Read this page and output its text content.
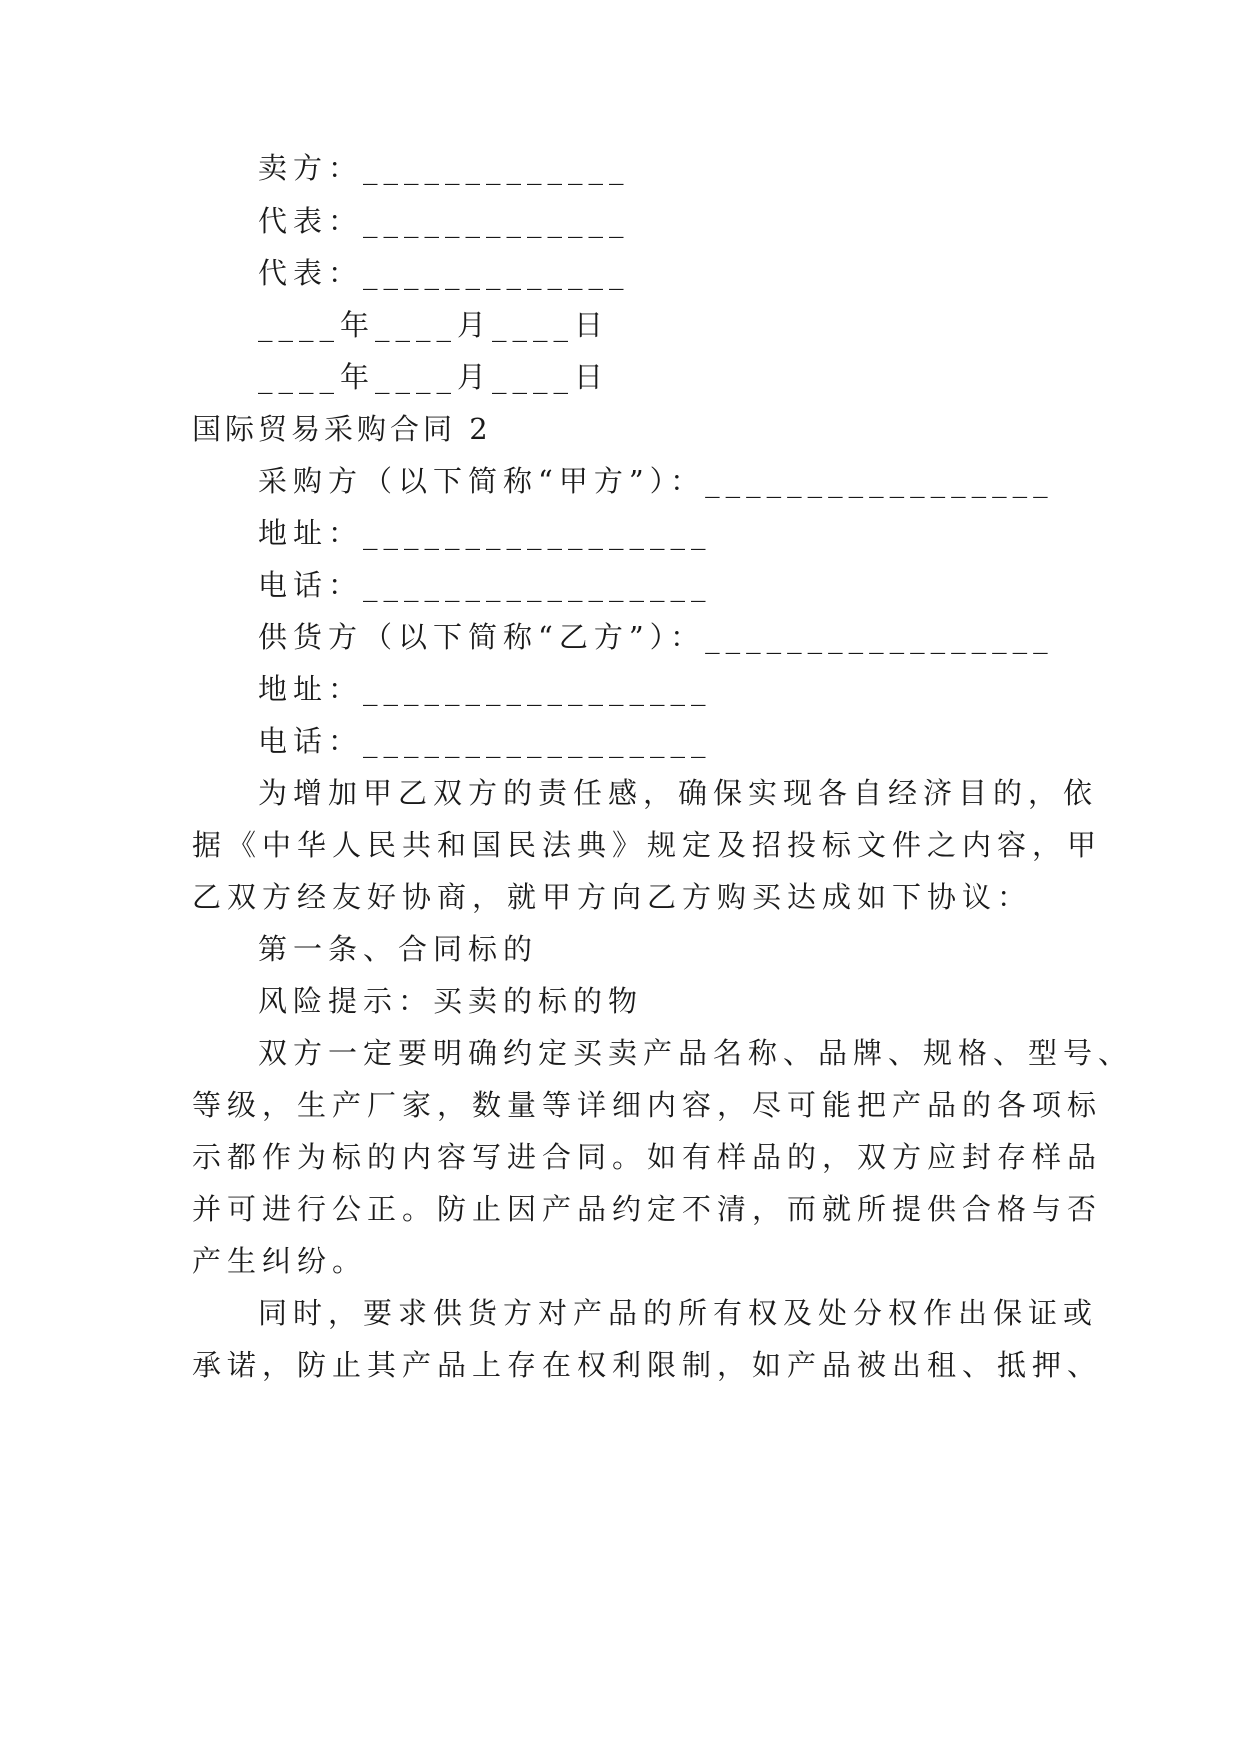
卖方：_____________
代表：_____________
代表：_____________
____年____月____日
____年____月____日
国际贸易采购合同 2
采购方（以下简称“甲方”）：_________________
地址：_________________
电话：_________________
供货方（以下简称“乙方”）：_________________
地址：_________________
电话：_________________
为增加甲乙双方的责任感，确保实现各自经济目的，依
据《中华人民共和国民法典》规定及招投标文件之内容，甲
乙双方经友好协商，就甲方向乙方购买达成如下协议：
第一条、合同标的
风险提示：买卖的标的物
双方一定要明确约定买卖产品名称、品牌、规格、型号、
等级，生产厂家，数量等详细内容，尽可能把产品的各项标
示都作为标的内容写进合同。如有样品的，双方应封存样品
并可进行公正。防止因产品约定不清，而就所提供合格与否
产生纠纷。
同时，要求供货方对产品的所有权及处分权作出保证或
承诺，防止其产品上存在权利限制，如产品被出租、抵押、
